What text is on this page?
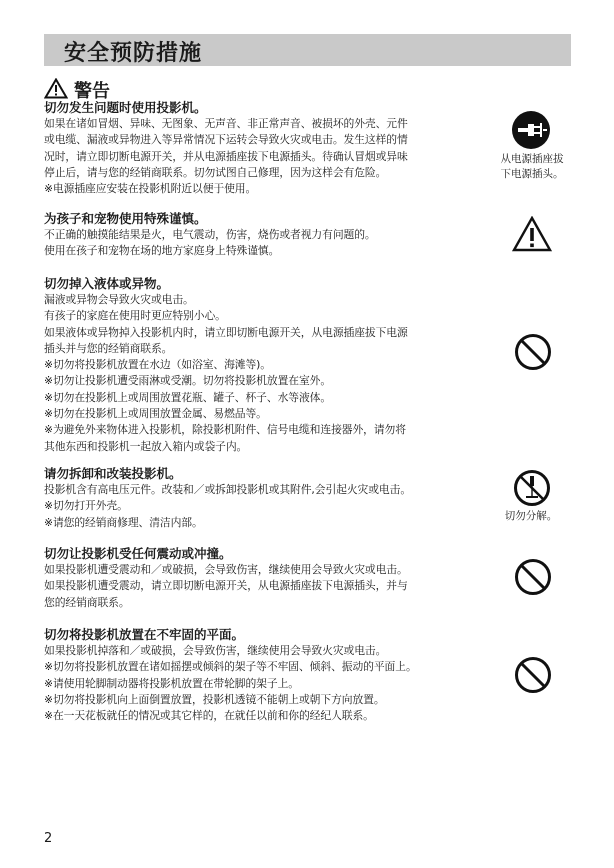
安全预防措施
警告
切勿发生问题时使用投影机。
如果在诸如冒烟、异味、无图象、无声音、非正常声音、被损坏的外壳、元件
或电缆、漏液或异物进入等异常情况下运转会导致火灾或电击。发生这样的情
况时，请立即切断电源开关，并从电源插座拔下电源插头。待确认冒烟或异味
停止后，请与您的经销商联系。切勿试图自己修理，因为这样会有危险。
※电源插座应安装在投影机附近以便于使用。
从电源插座拔
下电源插头。
为孩子和宠物使用特殊谨慎。
不正确的触摸能结果是火，电气震动，伤害，烧伤或者视力有问题的。
使用在孩子和宠物在场的地方家庭身上特殊谨慎。
切勿掉入液体或异物。
漏液或异物会导致火灾或电击。
有孩子的家庭在使用时更应特别小心。
如果液体或异物掉入投影机内时，请立即切断电源开关，从电源插座拔下电源
插头并与您的经销商联系。
※切勿将投影机放置在水边（如浴室、海滩等)。
※切勿让投影机遭受雨淋或受潮。切勿将投影机放置在室外。
※切勿在投影机上或周围放置花瓶、罐子、杯子、水等液体。
※切勿在投影机上或周围放置金属、易燃品等。
※为避免外来物体进入投影机，除投影机附件、信号电缆和连接器外，请勿将
其他东西和投影机一起放入箱内或袋子内。
请勿拆卸和改装投影机。
投影机含有高电压元件。改装和／或拆卸投影机或其附件,会引起火灾或电击。
※切勿打开外壳。
※请您的经销商修理、清洁内部。	切勿分解。
切勿让投影机受任何震动或冲撞。
如果投影机遭受震动和／或破损，会导致伤害，继续使用会导致火灾或电击。
如果投影机遭受震动，请立即切断电源开关，从电源插座拔下电源插头，并与
您的经销商联系。
切勿将投影机放置在不牢固的平面。
如果投影机掉落和／或破损，会导致伤害，继续使用会导致火灾或电击。
※切勿将投影机放置在诸如摇摆或倾斜的架子等不牢固、倾斜、振动的平面上。
※请使用轮脚制动器将投影机放置在带轮脚的架子上。
※切勿将投影机向上面倒置放置，投影机透镜不能朝上或朝下方向放置。
※在一天花板就任的情况或其它样的，在就任以前和你的经纪人联系。
2
